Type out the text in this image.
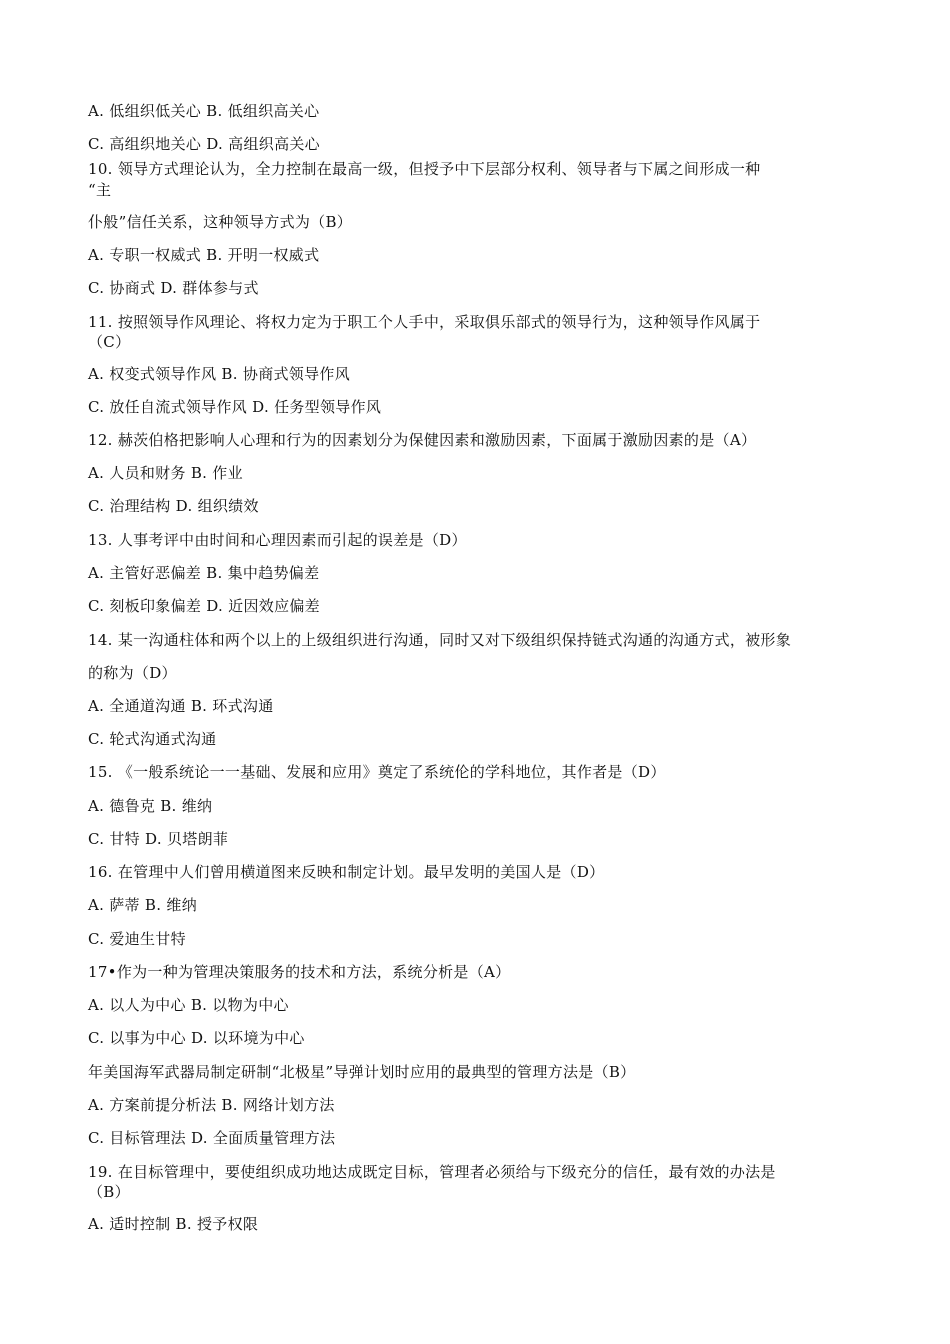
A. 低组织低关心 B. 低组织高关心
C. 高组织地关心 D. 高组织高关心
10. 领导方式理论认为，全力控制在最高一级，但授予中下层部分权利、领导者与下属之间形成一种
“主
仆般”信任关系，这种领导方式为（B）
A. 专职一权威式 B. 开明一权威式
C. 协商式 D. 群体参与式
11. 按照领导作风理论、将权力定为于职工个人手中，采取俱乐部式的领导行为，这种领导作风属于
（C）
A. 权变式领导作风 B. 协商式领导作风
C. 放任自流式领导作风 D. 任务型领导作风
12. 赫茨伯格把影响人心理和行为的因素划分为保健因素和激励因素，下面属于激励因素的是（A）
A. 人员和财务 B. 作业
C. 治理结构 D. 组织绩效
13. 人事考评中由时间和心理因素而引起的误差是（D）
A. 主管好恶偏差 B. 集中趋势偏差
C. 刻板印象偏差 D. 近因效应偏差
14. 某一沟通柱体和两个以上的上级组织进行沟通，同时又对下级组织保持链式沟通的沟通方式，被形象
的称为（D）
A. 全通道沟通 B. 环式沟通
C. 轮式沟通式沟通
15. 《一般系统论一一基础、发展和应用》奠定了系统伦的学科地位，其作者是（D）
A. 德鲁克 B. 维纳
C. 甘特 D. 贝塔朗菲
16. 在管理中人们曾用横道图来反映和制定计划。最早发明的美国人是（D）
A. 萨蒂 B. 维纳
C. 爱迪生甘特
17•作为一种为管理决策服务的技术和方法，系统分析是（A）
A. 以人为中心 B. 以物为中心
C. 以事为中心 D. 以环境为中心
年美国海军武器局制定研制“北极星”导弹计划时应用的最典型的管理方法是（B）
A. 方案前提分析法 B. 网络计划方法
C. 目标管理法 D. 全面质量管理方法
19. 在目标管理中，要使组织成功地达成既定目标，管理者必须给与下级充分的信任，最有效的办法是
（B）
A. 适时控制 B. 授予权限
